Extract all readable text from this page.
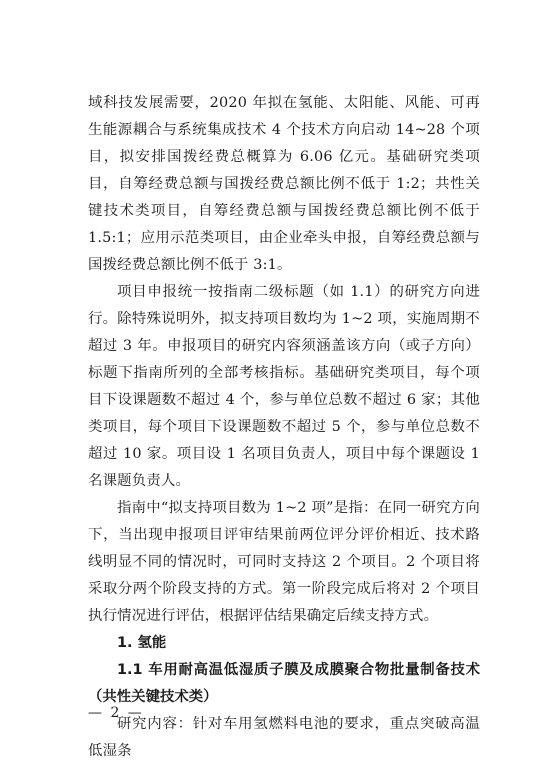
域科技发展需要，2020 年拟在氢能、太阳能、风能、可再生能源耦合与系统集成技术 4 个技术方向启动 14~28 个项目，拟安排国拨经费总概算为 6.06 亿元。基础研究类项目，自筹经费总额与国拨经费总额比例不低于 1:2；共性关键技术类项目，自筹经费总额与国拨经费总额比例不低于 1.5:1；应用示范类项目，由企业牵头申报，自筹经费总额与国拨经费总额比例不低于 3:1。

项目申报统一按指南二级标题（如 1.1）的研究方向进行。除特殊说明外，拟支持项目数均为 1~2 项，实施周期不超过 3 年。申报项目的研究内容须涵盖该方向（或子方向）标题下指南所列的全部考核指标。基础研究类项目，每个项目下设课题数不超过 4 个，参与单位总数不超过 6 家；其他类项目，每个项目下设课题数不超过 5 个，参与单位总数不超过 10 家。项目设 1 名项目负责人，项目中每个课题设 1 名课题负责人。

指南中“拟支持项目数为 1~2 项”是指：在同一研究方向下，当出现申报项目评审结果前两位评分评价相近、技术路线明显不同的情况时，可同时支持这 2 个项目。2 个项目将采取分两个阶段支持的方式。第一阶段完成后将对 2 个项目执行情况进行评估，根据评估结果确定后续支持方式。

1. 氢能

1.1 车用耐高温低湿质子膜及成膜聚合物批量制备技术（共性关键技术类）

研究内容：针对车用氢燃料电池的要求，重点突破高温低湿条

— 2 —
